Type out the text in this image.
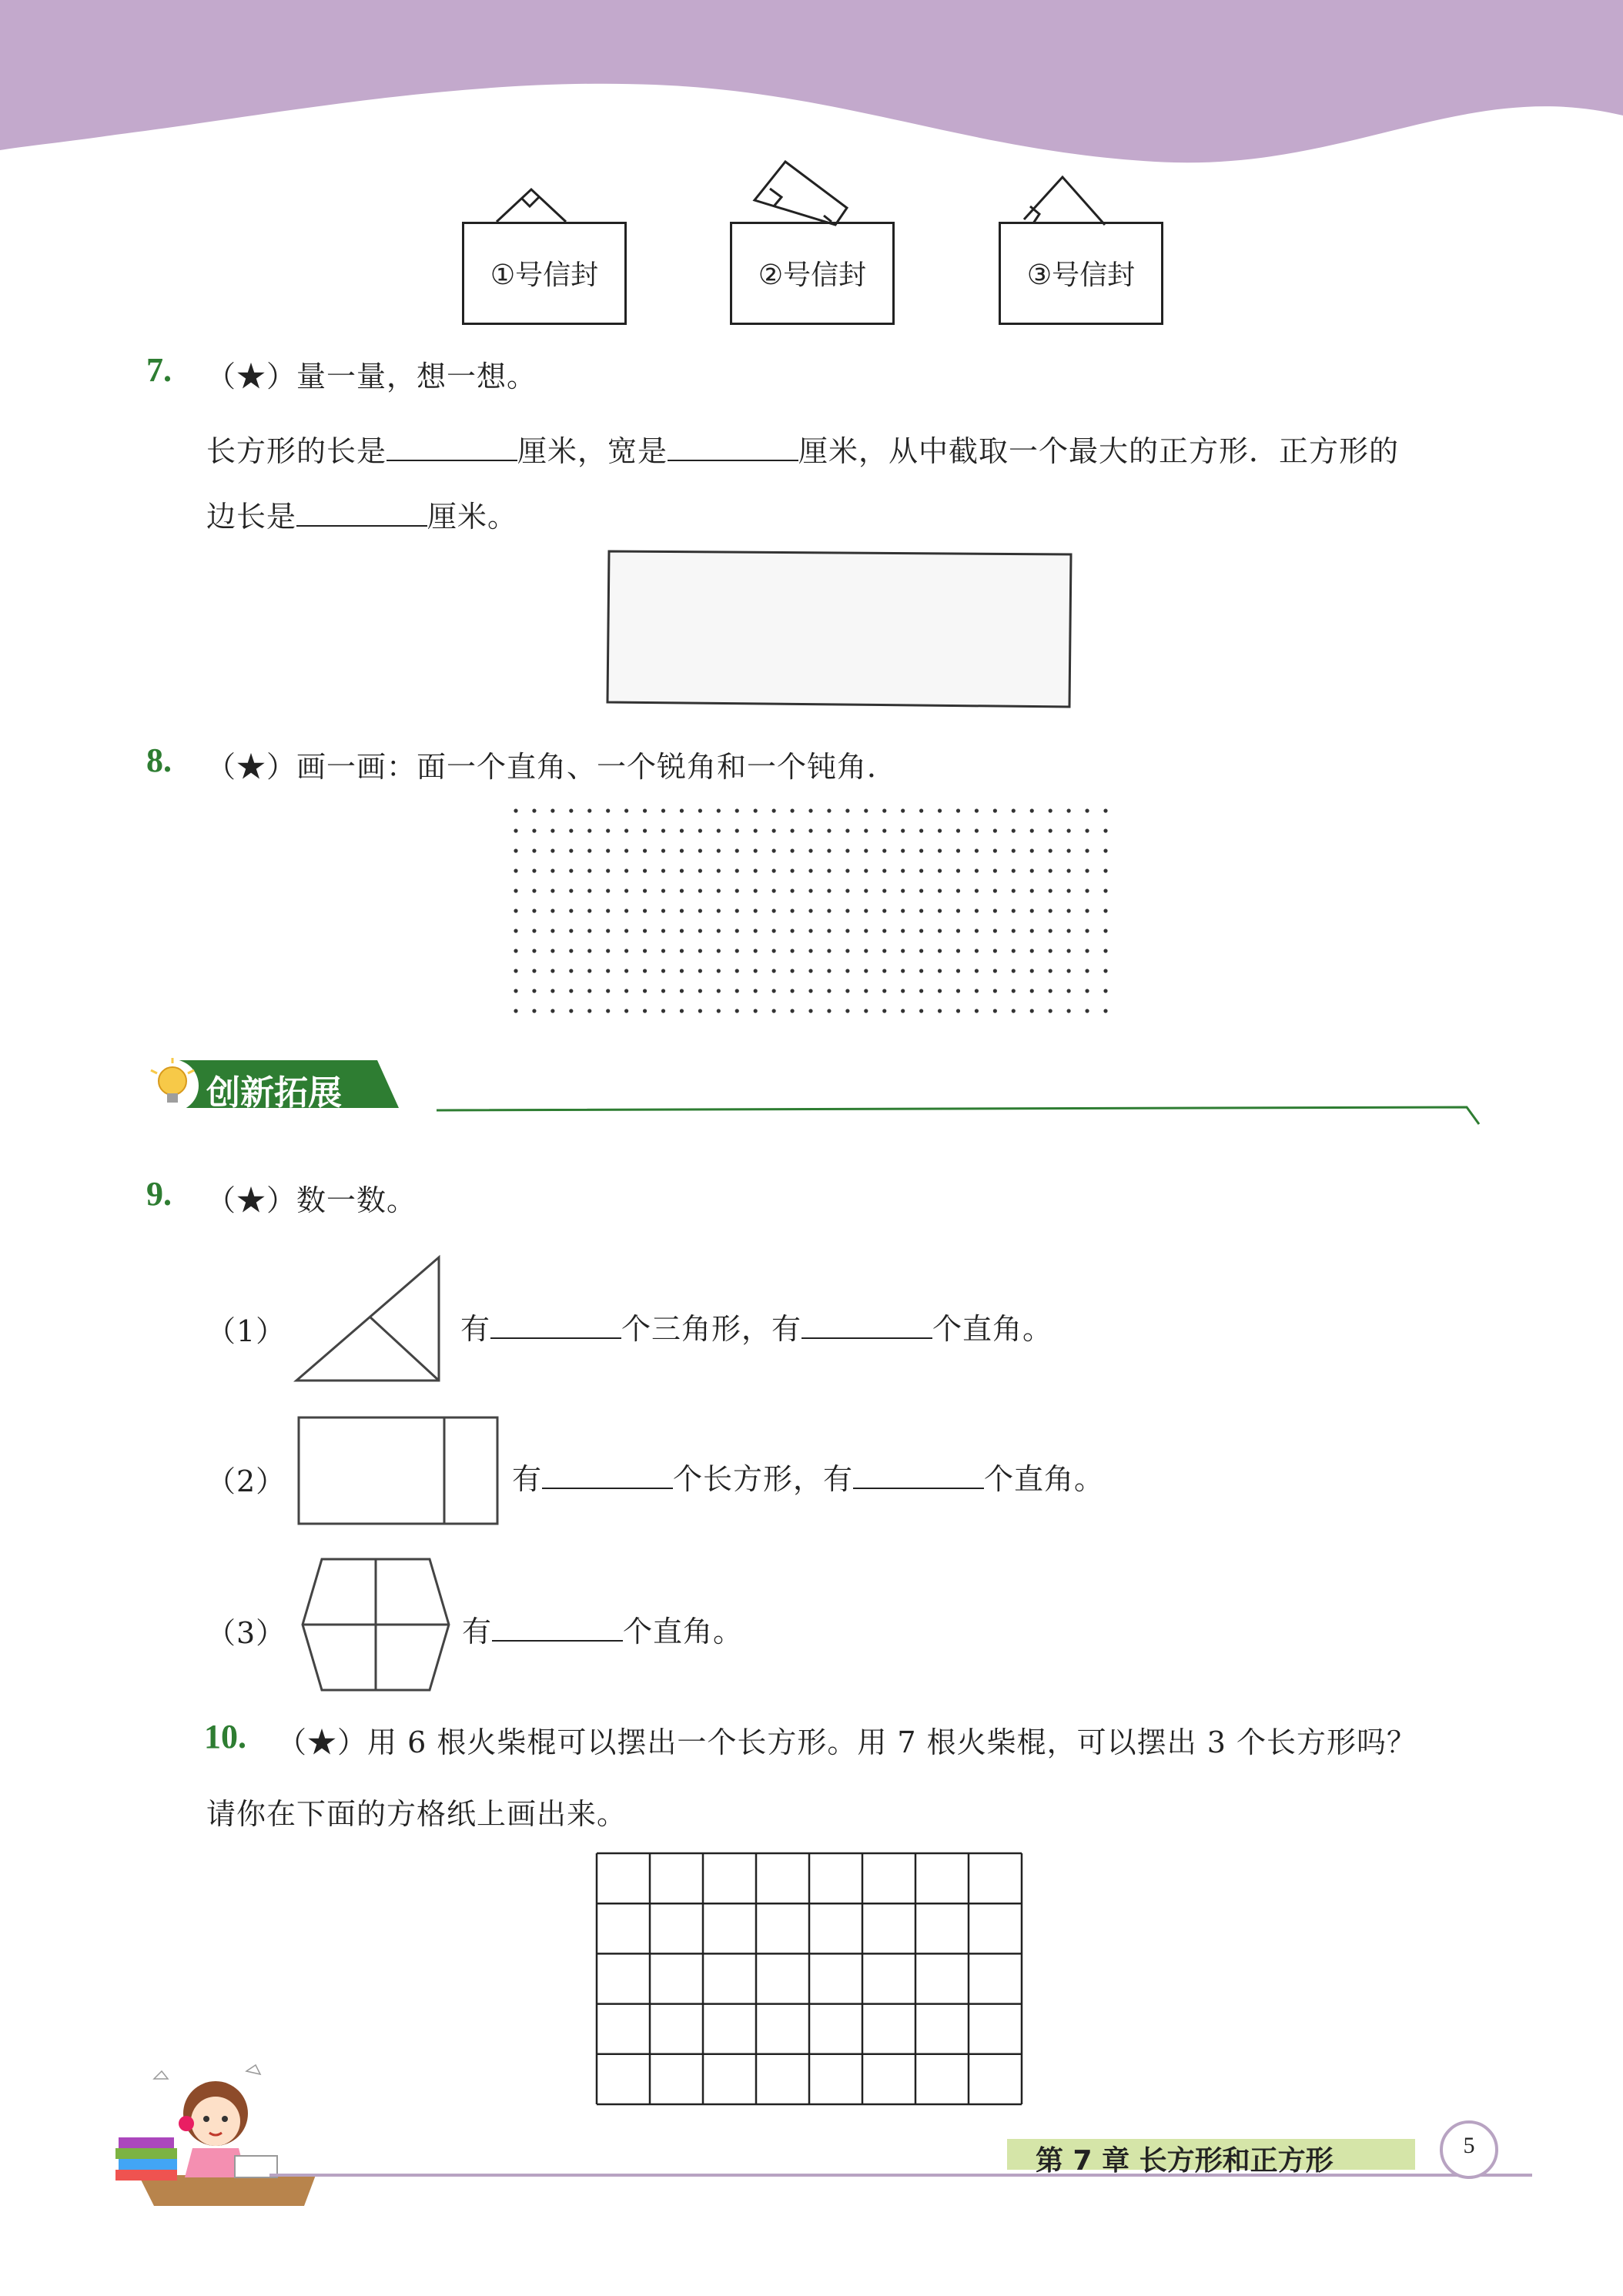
①号信封	②号信封	③号信封
7. （★）量一量，想一想。
长方形的长是	厘米，宽是	厘米，从中截取一个最大的正方形．正方形的
边长是	厘米。
8. （★）画一画：面一个直角、一个锐角和一个钝角．
创新拓展
9. （★）数一数。
（1）	有	个三角形，有	个直角。
（2）	有	个长方形，有	个直角。
（3）	有	个直角。
10. （★）用 6 根火柴棍可以摆出一个长方形。用 7 根火柴棍，可以摆出 3 个长方形吗？
请你在下面的方格纸上画出来。
第 7 章 长方形和正方形	5
